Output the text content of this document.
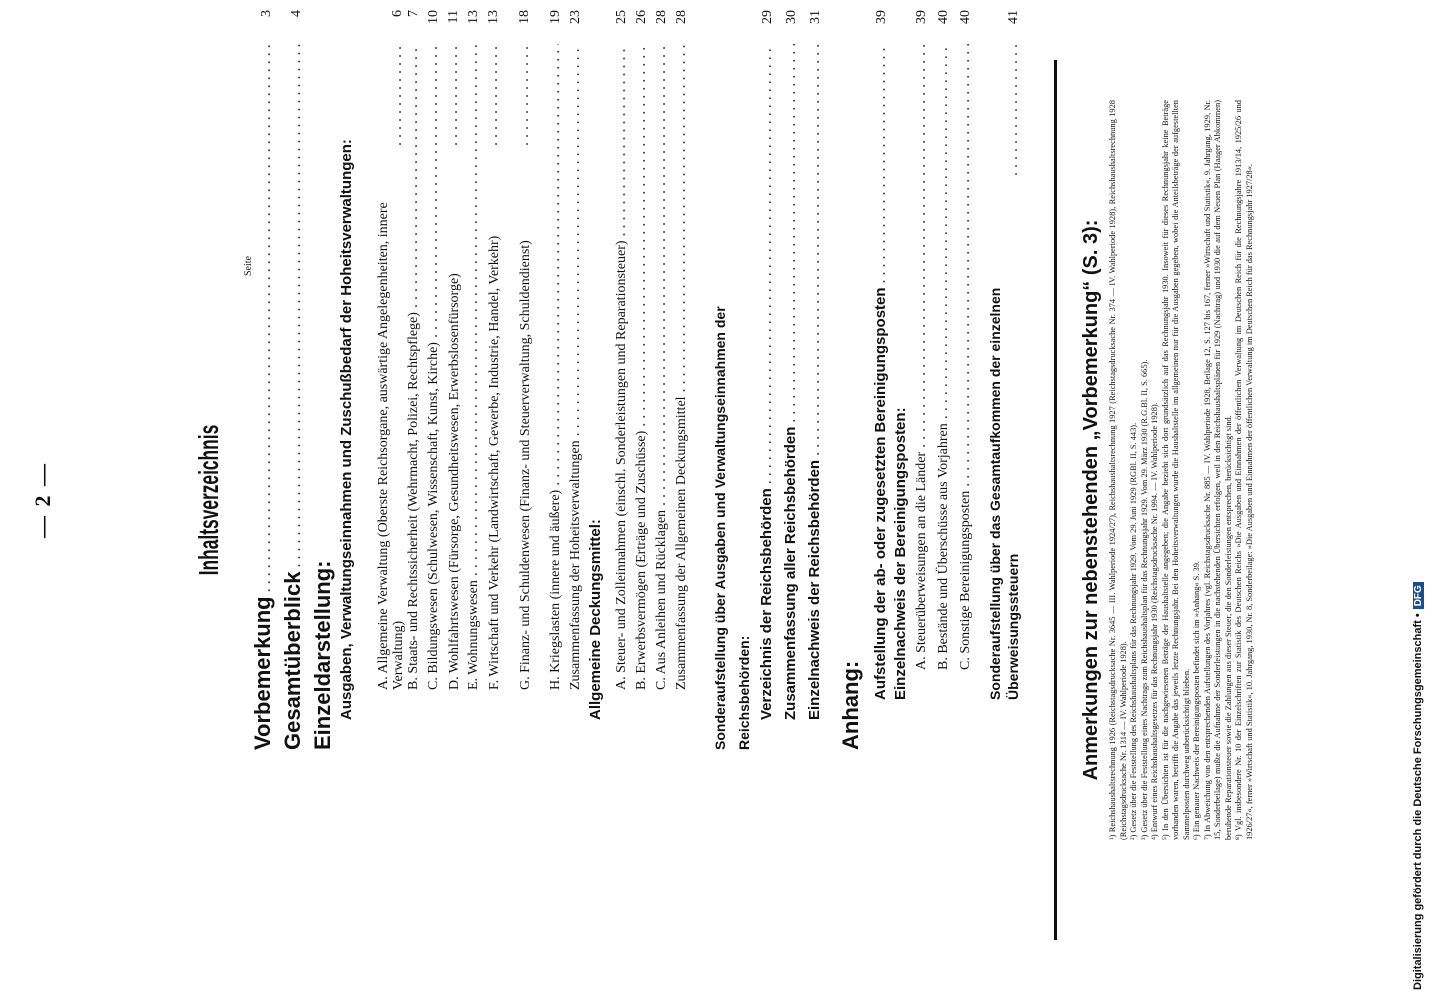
— 2 —	Inhaltsverzeichnis
Seite
Vorbemerkung
. . .
3
Gesamtüberblick
. . .
4
Einzeldarstellung: Ausgaben, Verwaltungseinnahmen und Zuschußbedarf der Hoheitsverwaltungen: A. Allgemeine Verwaltung (Oberste Reichsorgane, auswärtige Angelegenheiten, innere Verwaltung)
. . .
6
B. Staats- und Rechtssicherheit (Wehrmacht, Polizei, Rechtspflege)
. . .
7
C. Bildungswesen (Schulwesen, Wissenschaft, Kunst, Kirche)
. . .
10
D. Wohlfahrtswesen (Fürsorge, Gesundheitswesen, Erwerbslosenfürsorge)
. . .
11
E. Wohnungswesen
. . .
13
F. Wirtschaft und Verkehr (Landwirtschaft, Gewerbe, Industrie, Handel, Verkehr)
. . .
13
G. Finanz- und Schuldenwesen (Finanz- und Steuerverwaltung, Schuldendienst)
. . .
18
H. Kriegslasten (innere und äußere)
. . .
19
Zusammenfassung der Hoheitsverwaltungen
. . .
23
Allgemeine Deckungsmittel: A. Steuer- und Zolleinnahmen (einschl. Sonderleistungen und Reparationsteuer)
. . .
25
B. Erwerbsvermögen (Erträge und Zuschüsse)
. . .
26
C. Aus Anleihen und Rücklagen
. . .
28
Zusammenfassung der Allgemeinen Deckungsmittel
. . .
28
Sonderaufstellung über Ausgaben und Verwaltungseinnahmen der Reichsbehörden: Verzeichnis der Reichsbehörden
. . .
29
Zusammenfassung aller Reichsbehörden
. . .
30
Einzelnachweis der Reichsbehörden
. . .
31
Anhang:
Aufstellung der ab- oder zugesetzten Bereinigungsposten
. . .
39
Einzelnachweis der Bereinigungsposten: A. Steuerüberweisungen an die Länder
. . .
39
B. Bestände und Überschüsse aus Vorjahren
. . .
40
C. Sonstige Bereinigungsposten
. . .
40
Sonderaufstellung über das Gesamtaufkommen der einzelnen Überweisungssteuern
. . .
41
Anmerkungen zur nebenstehenden „Vorbemerkung“ (S. 3): ¹) Reichshaushaltsrechnung 1926 (Reichstagsdrucksache Nr. 3645 — III. Wahlperiode 1924/27), Reichshaushaltsrechnung 1927 (Reichstagsdrucksache Nr. 374 — IV. Wahlperiode 1928), Reichshaushaltsrechnung 1928 (Reichstagsdrucksache Nr. 1314 — IV. Wahlperiode 1928). ²) Gesetz über die Feststellung des Reichshaushaltsplans für das Rechnungsjahr 1929. Vom 29. Juni 1929 (RGBl. II, S. 443). ³) Gesetz über die Feststellung eines Nachtrags zum Reichshaushaltsplan für das Rechnungsjahr 1929. Vom 29. März 1930 (R.G.Bl. II, S. 665). ⁴) Entwurf eines Reichshaushaltsgesetzes für das Rechnungsjahr 1930 (Reichstagsdrucksache Nr. 1994. — IV. Wahlperiode 1928). ⁵) In den Übersichten ist für die nachgewiesenen Beträge der Haushaltstelle angegeben; die Angabe bezieht sich dort grundsätzlich auf das Rechnungsjahr 1930. Insoweit für dieses Rechnungsjahr keine Beträge vorhanden waren, betrifft die Angabe das jeweils letzte Rechnungsjahr. Bei den Hoheitsverwaltungen wurde die Haushaltstelle im allgemeinen nur für die Ausgaben gegeben, wobei die Anteilsbeträge der aufgestellten Sammelposten durchweg unberücksichtigt blieben. ⁶) Ein genauer Nachweis der Bereinigungsposten befindet sich im »Anhang« S. 39. ⁷) In Abweichung von den entsprechenden Aufstellungen des Vorjahres (vgl. Reichstagsdrucksache Nr. 885 — IV. Wahlperiode 1928, Beilage 12, S. 127 bis 167, ferner »Wirtschaft und Statistik«, 9. Jahrgang, 1929, Nr. 15, Sonderbeilage) mußte die Aufnahme der Sonderleistungen in die nachstehenden Übersichten erfolgen, weil in den Reichshaushaltsplänen für 1929 (Nachtrag) und 1930 die auf dem Neuen Plan (Haager Abkommen) beruhende Reparationsteuer sowie die Zahlungen aus dieser Steuer, die den Sonderleistungen entsprechen, berücksichtigt sind. ⁸) Vgl. insbesondere Nr. 10 der Einzelschriften zur Statistik des Deutschen Reichs »Die Ausgaben und Einnahmen der öffentlichen Verwaltung im Deutschen Reich für die Rechnungsjahre 1913/14, 1925/26 und 1926/27«, ferner »Wirtschaft und Statistik«, 10. Jahrgang, 1930, Nr. 8, Sonderbeilage: »Die Ausgaben und Einnahmen der öffentlichen Verwaltung im Deutschen Reich für das Rechnungsjahr 1927/28«.	Digitalisierung gefördert durch die Deutsche Forschungsgemeinschaft •DFG
